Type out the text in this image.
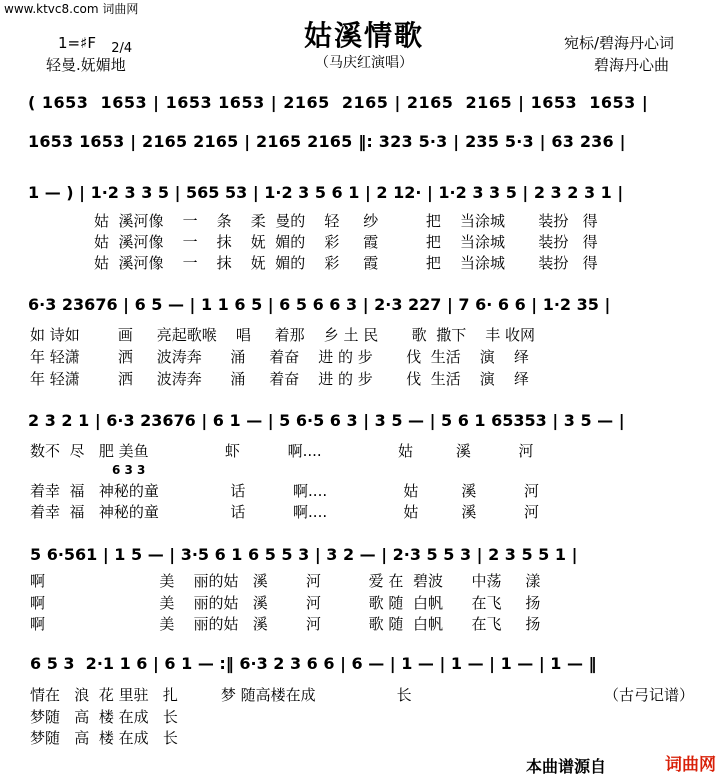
www.ktvc8.com 词曲网
姑溪情歌
（马庆红演唱）
1=♯F	2/4

轻曼.妩媚地
宛标/碧海丹心词
碧海丹心曲
( 1653  1653 | 1653 1653 | 2165  2165 | 2165  2165 | 1653  1653 |
1653 1653 | 2165 2165 | 2165 2165 ‖: 323 5·3 | 235 5·3 | 63 236 |
1 — ) | 1·2 3 3 5 | 565 53 | 1·2 3 5 6 1 | 2 12· | 1·2 3 3 5 | 2 3 2 3 1 |
姑  溪河像    一    条    柔  曼的    轻     纱          把    当涂城       装扮   得
姑  溪河像    一    抹    妩  媚的    彩     霞          把    当涂城       装扮   得
姑  溪河像    一    抹    妩  媚的    彩     霞          把    当涂城       装扮   得
6·3 23676 | 6 5 — | 1 1 6 5 | 6 5 6 6 3 | 2·3 227 | 7 6· 6 6 | 1·2 35 |
如 诗如        画     亮起歌喉    唱     着那    乡 土 民       歌  撒下    丰 收网
年 轻潇        洒     波涛奔      涌     着奋    进 的 步       伐  生活    演    绎
年 轻潇        洒     波涛奔      涌     着奋    进 的 步       伐  生活    演    绎
2 3 2 1 | 6·3 23676 | 6 1 — | 5 6·5 6 3 | 3 5 — | 5 6 1 65353 | 3 5 — |
数不  尽   肥 美鱼                虾          啊....                姑         溪          河
6 3 3
着幸  福   神秘的童               话          啊....                姑         溪          河
着幸  福   神秘的童               话          啊....                姑         溪          河
5 6·561 | 1 5 — | 3·5 6 1 6 5 5 3 | 3 2 — | 2·3 5 5 3 | 2 3 5 5 1 |
啊                        美    丽的姑   溪        河          爱 在  碧波      中荡     漾
啊                        美    丽的姑   溪        河          歌 随  白帆      在飞     扬
啊                        美    丽的姑   溪        河          歌 随  白帆      在飞     扬
6 5 3  2·1 1 6 | 6 1 — :‖ 6·3 2 3 6 6 | 6 — | 1 — | 1 — | 1 — | 1 — ‖
情在   浪  花 里驻   扎         梦 随高楼在成                 长	（古弓记谱）
梦随   高  楼 在成   长
梦随   高  楼 在成   长
本曲谱源自	词曲网
